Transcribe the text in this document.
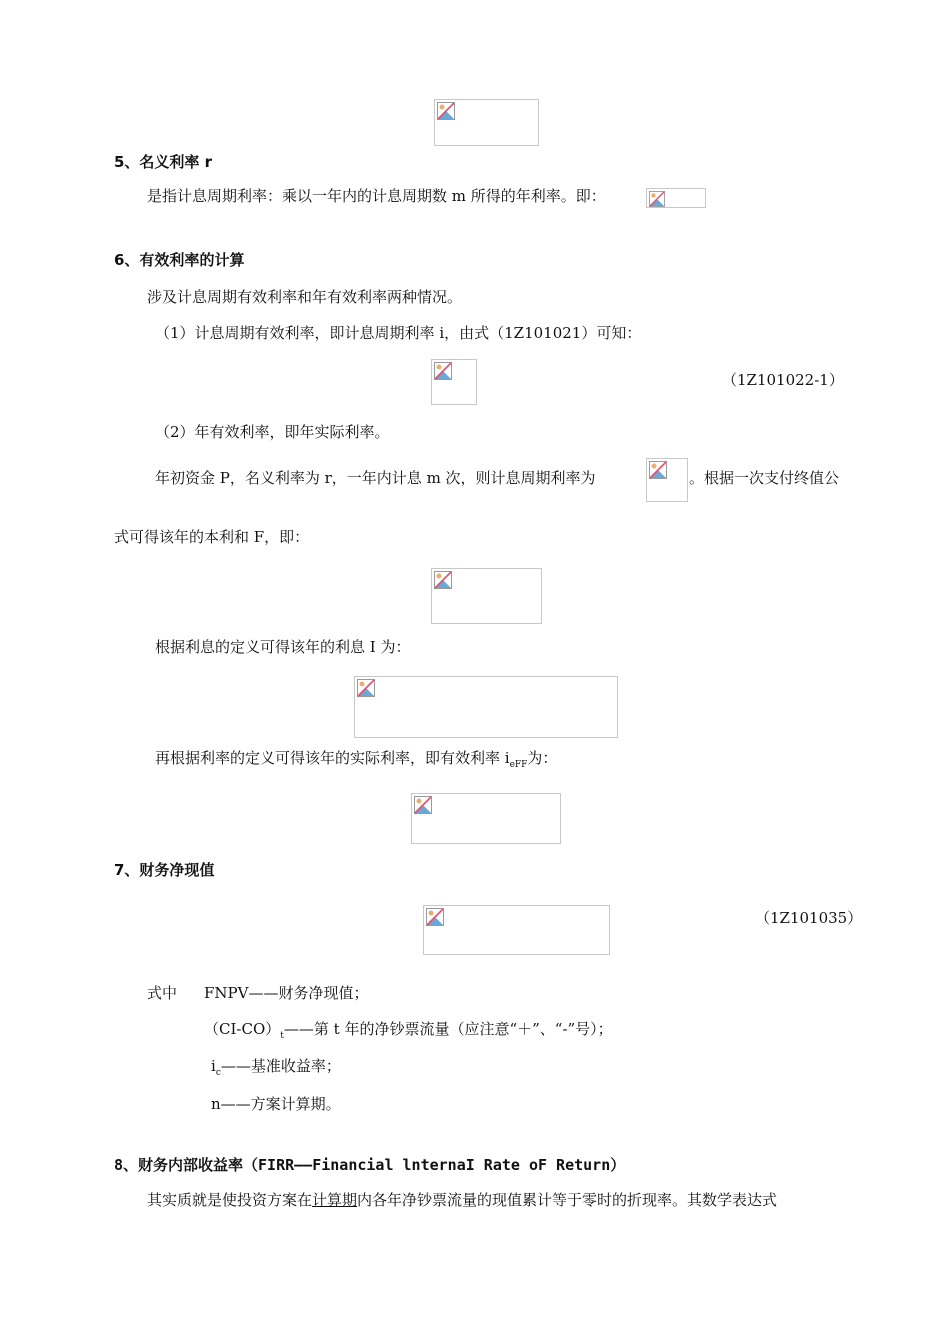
5、名义利率 r
是指计息周期利率：乘以一年内的计息周期数 m 所得的年利率。即：
6、有效利率的计算
涉及计息周期有效利率和年有效利率两种情况。
（1）计息周期有效利率，即计息周期利率 i，由式（1Z101021）可知：
（1Z101022-1）
（2）年有效利率，即年实际利率。
年初资金 P，名义利率为 r，一年内计息 m 次，则计息周期利率为	。根据一次支付终值公
式可得该年的本利和 F，即：
根据利息的定义可得该年的利息 I 为：
再根据利率的定义可得该年的实际利率，即有效利率 $i_{eFF}$为：
7、财务净现值
（1Z101035）
式中 FNPV——财务净现值；
$(CI-CO)_t——$第 t 年的净钞票流量（应注意“＋”、“-”号）；
$i_c——$基准收益率；
n——方案计算期。
8、财务内部收益率（FIRR——Financial lnternaI Rate oF Return）
其实质就是使投资方案在计算期内各年净钞票流量的现值累计等于零时的折现率。其数学表达式
